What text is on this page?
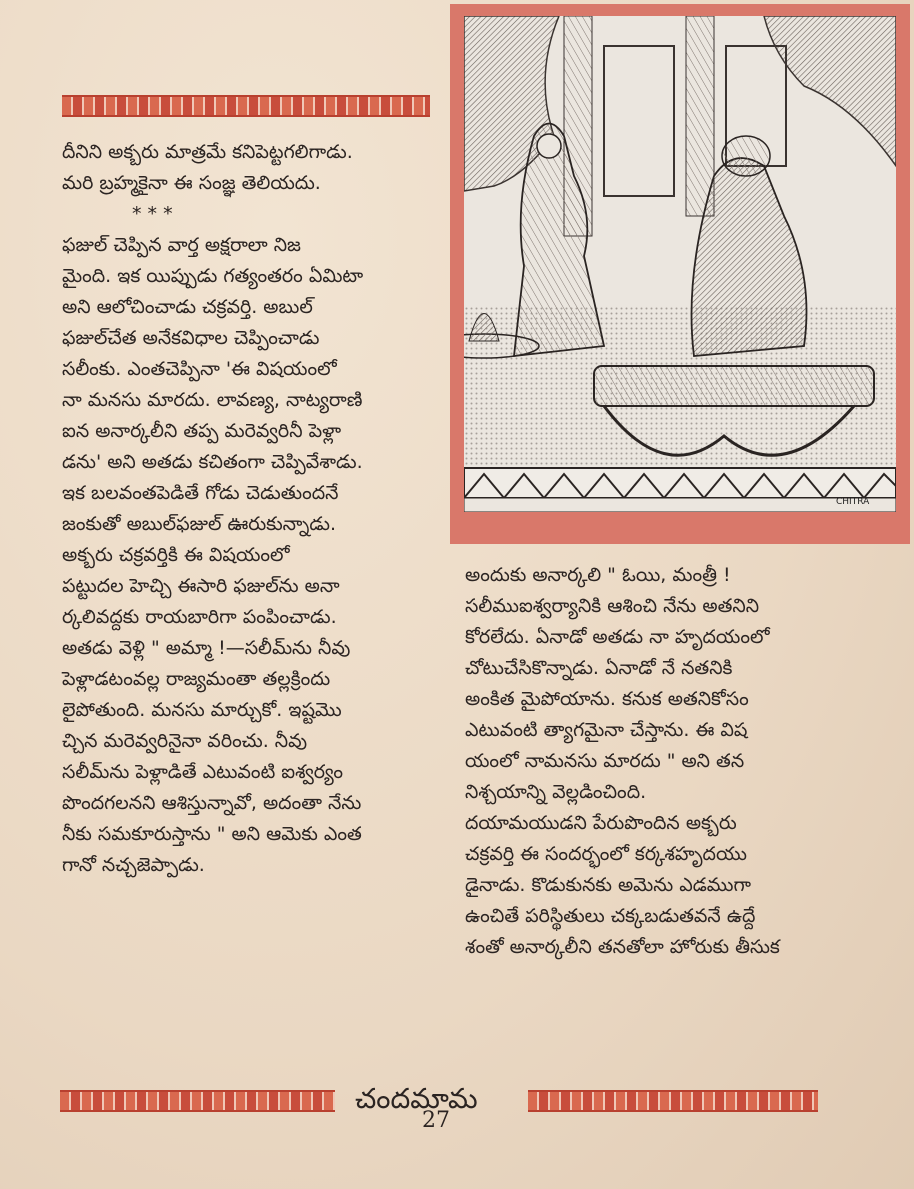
దీనిని అక్బరు మాత్రమే కనిపెట్టగలిగాడు.

మరి బ్రహ్మకైనా ఈ సంజ్ఞ తెలియదు.

* * *

ఫజుల్ చెప్పిన వార్త అక్షరాలా నిజ

మైంది. ఇక యిప్పుడు గత్యంతరం ఏమిటా

అని ఆలోచించాడు చక్రవర్తి. అబుల్

ఫజుల్‌చేత అనేకవిధాల చెప్పించాడు

సలీంకు. ఎంతచెప్పినా 'ఈ విషయంలో

నా మనసు మారదు. లావణ్య, నాట్యరాణి

ఐన అనార్కలీని తప్ప మరెవ్వరినీ పెళ్లా

డను' అని అతడు కచితంగా చెప్పివేశాడు.

ఇక బలవంతపెడితే గోడు చెడుతుందనే

జంకుతో అబుల్‌ఫజుల్ ఊరుకున్నాడు.

అక్బరు చక్రవర్తికి ఈ విషయంలో

పట్టుదల హెచ్చి ఈసారి ఫజుల్‌ను అనా

ర్కలివద్దకు రాయబారిగా పంపించాడు.

అతడు వెళ్లి " అమ్మా !—సలీమ్‌ను నీవు

పెళ్లాడటంవల్ల రాజ్యమంతా తల్లక్రిందు

లైపోతుంది. మనసు మార్చుకో. ఇష్టమొ

చ్చిన మరెవ్వరినైనా వరించు. నీవు

సలీమ్‌ను పెళ్లాడితే ఎటువంటి ఐశ్వర్యం

పొందగలనని ఆశిస్తున్నావో, అదంతా నేను

నీకు సమకూరుస్తాను " అని ఆమెకు ఎంత

గానో నచ్చజెప్పాడు.

CHITRA

అందుకు అనార్కలి " ఓయి, మంత్రీ !

సలీముఐశ్వర్యానికి ఆశించి నేను అతనిని

కోరలేదు. ఏనాడో అతడు నా హృదయంలో

చోటుచేసికొన్నాడు. ఏనాడో నే నతనికి

అంకిత మైపోయాను. కనుక అతనికోసం

ఎటువంటి త్యాగమైనా చేస్తాను. ఈ విష

యంలో నామనసు మారదు " అని తన

నిశ్చయాన్ని వెల్లడించింది.

దయామయుడని పేరుపొందిన అక్బరు

చక్రవర్తి ఈ సందర్భంలో కర్కశహృదయు

డైనాడు. కొడుకునకు అమెను ఎడముగా

ఉంచితే పరిస్థితులు చక్కబడుతవనే ఉద్దే

శంతో అనార్కలీని తనతోలా హోరుకు తీసుక

చందమామ
27
